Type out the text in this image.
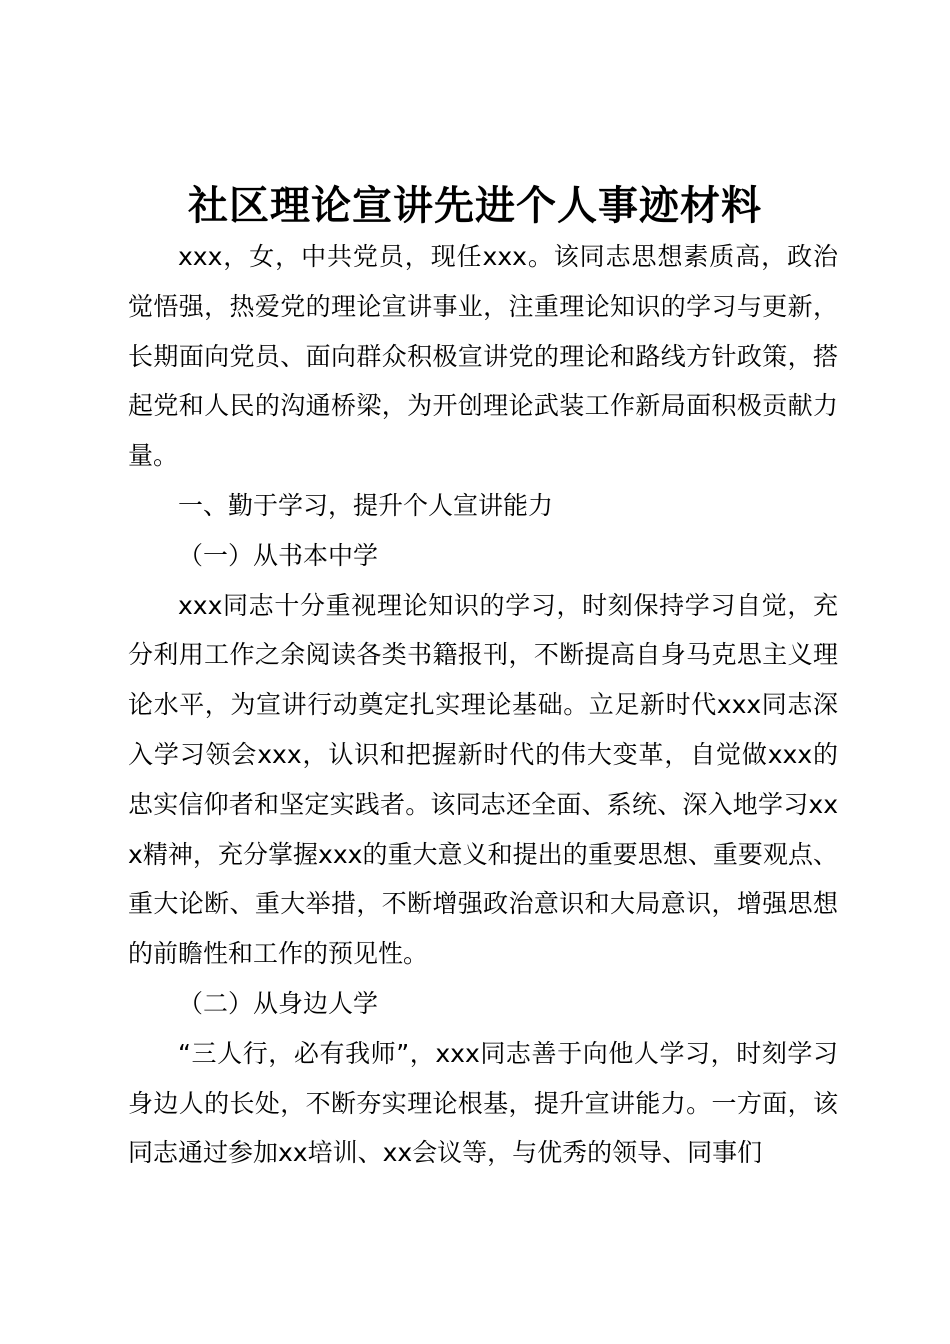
社区理论宣讲先进个人事迹材料

xxx，女，中共党员，现任xxx。该同志思想素质高，政治觉悟强，热爱党的理论宣讲事业，注重理论知识的学习与更新，长期面向党员、面向群众积极宣讲党的理论和路线方针政策，搭起党和人民的沟通桥梁，为开创理论武装工作新局面积极贡献力量。

一、勤于学习，提升个人宣讲能力

（一）从书本中学

xxx同志十分重视理论知识的学习，时刻保持学习自觉，充分利用工作之余阅读各类书籍报刊，不断提高自身马克思主义理论水平，为宣讲行动奠定扎实理论基础。立足新时代xxx同志深入学习领会xxx，认识和把握新时代的伟大变革，自觉做xxx的忠实信仰者和坚定实践者。该同志还全面、系统、深入地学习xxx精神，充分掌握xxx的重大意义和提出的重要思想、重要观点、重大论断、重大举措，不断增强政治意识和大局意识，增强思想的前瞻性和工作的预见性。

（二）从身边人学

“三人行，必有我师”，xxx同志善于向他人学习，时刻学习身边人的长处，不断夯实理论根基，提升宣讲能力。一方面，该同志通过参加xx培训、xx会议等，与优秀的领导、同事们
